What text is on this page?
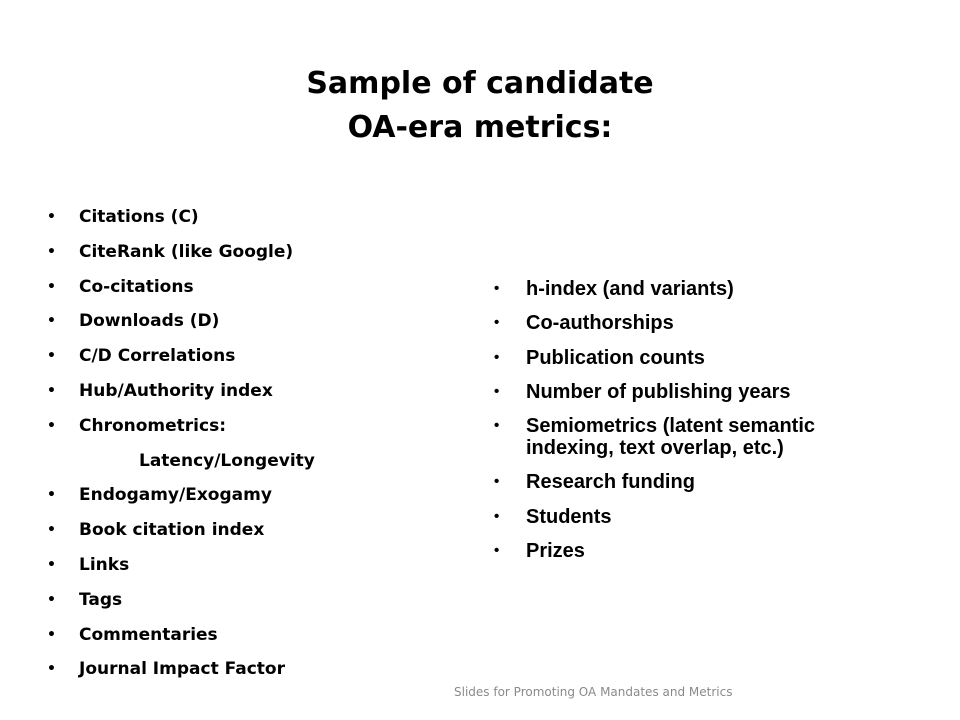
Sample of candidate
OA-era metrics:
• Citations (C)
• CiteRank (like Google)
• Co-citations
• Downloads (D)
• C/D Correlations
• Hub/Authority index
• Chronometrics:
Latency/Longevity
• Endogamy/Exogamy
• Book citation index
• Links
• Tags
• Commentaries
• Journal Impact Factor
• h-index (and variants)
• Co-authorships
• Publication counts
• Number of publishing years
• Semiometrics (latent semantic indexing, text overlap, etc.)
• Research funding
• Students
• Prizes
Slides for Promoting OA Mandates and Metrics
